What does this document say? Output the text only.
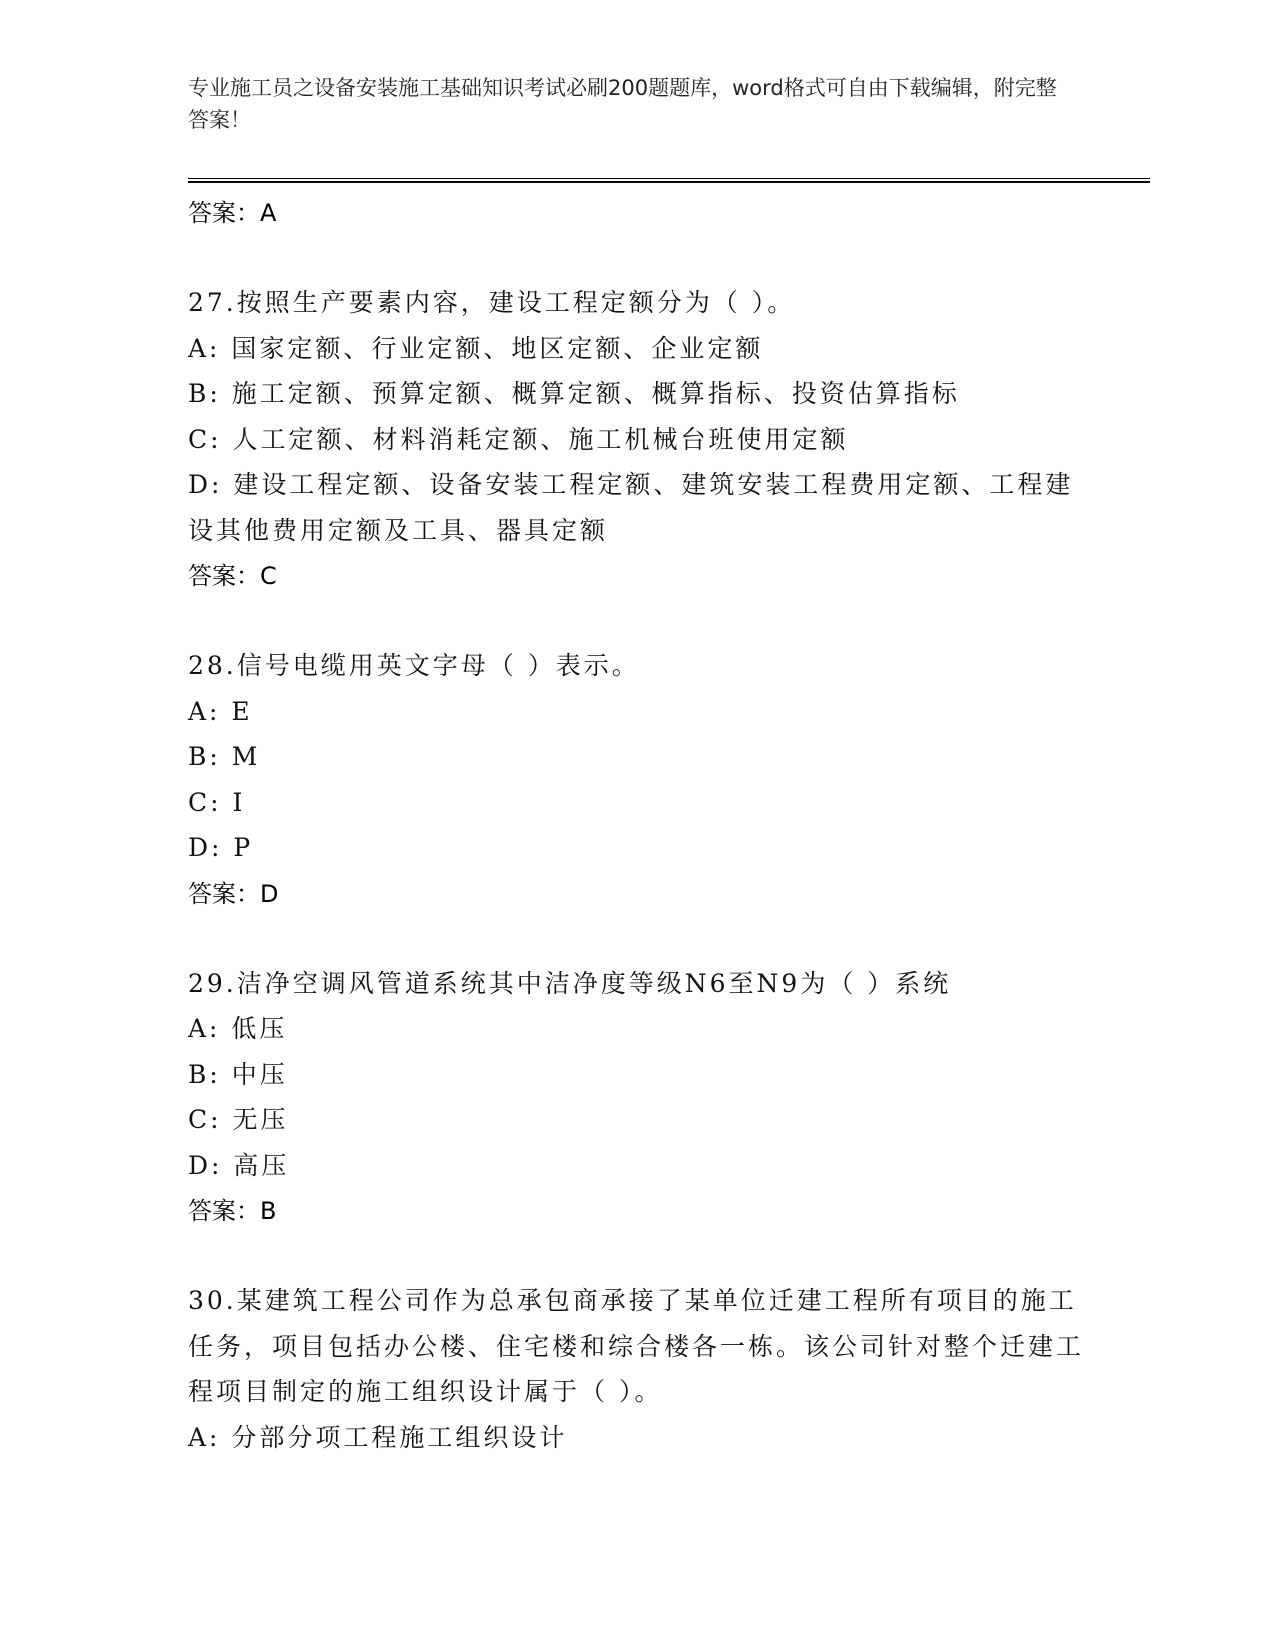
专业施工员之设备安装施工基础知识考试必刷200题题库，word格式可自由下载编辑，附完整答案！
答案：A
27.按照生产要素内容，建设工程定额分为（ ）。
A: 国家定额、行业定额、地区定额、企业定额
B: 施工定额、预算定额、概算定额、概算指标、投资估算指标
C: 人工定额、材料消耗定额、施工机械台班使用定额
D: 建设工程定额、设备安装工程定额、建筑安装工程费用定额、工程建设其他费用定额及工具、器具定额
答案：C
28.信号电缆用英文字母（ ）表示。
A: E
B: M
C: I
D: P
答案：D
29.洁净空调风管道系统其中洁净度等级N6至N9为（ ）系统
A: 低压
B: 中压
C: 无压
D: 高压
答案：B
30.某建筑工程公司作为总承包商承接了某单位迁建工程所有项目的施工任务，项目包括办公楼、住宅楼和综合楼各一栋。该公司针对整个迁建工程项目制定的施工组织设计属于（ ）。
A: 分部分项工程施工组织设计
